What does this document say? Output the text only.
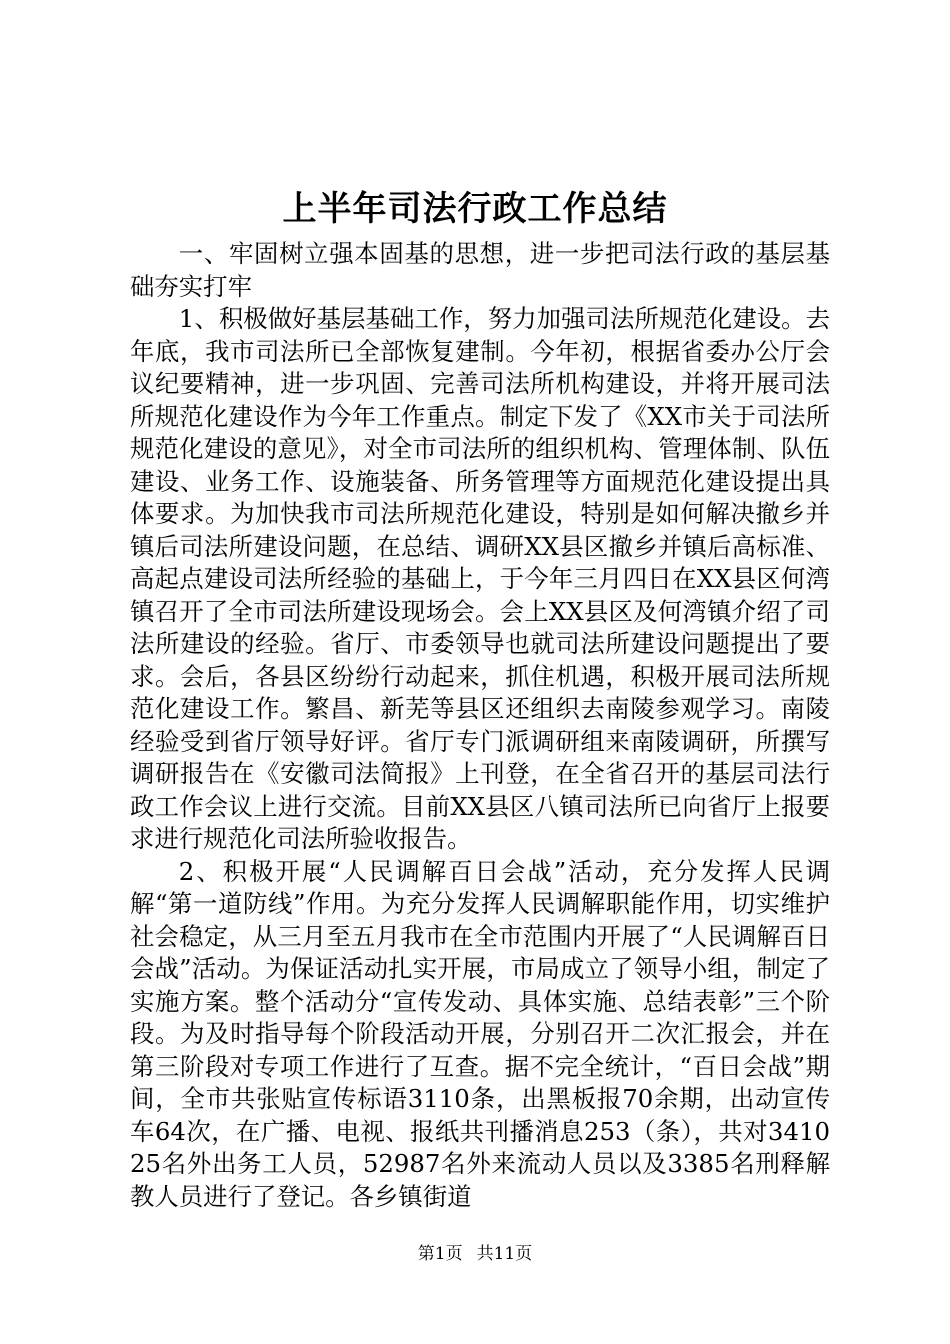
上半年司法行政工作总结

一、牢固树立强本固基的思想，进一步把司法行政的基层基础夯实打牢

1、积极做好基层基础工作，努力加强司法所规范化建设。去年底，我市司法所已全部恢复建制。今年初，根据省委办公厅会议纪要精神，进一步巩固、完善司法所机构建设，并将开展司法所规范化建设作为今年工作重点。制定下发了《XX市关于司法所规范化建设的意见》，对全市司法所的组织机构、管理体制、队伍建设、业务工作、设施装备、所务管理等方面规范化建设提出具体要求。为加快我市司法所规范化建设，特别是如何解决撤乡并镇后司法所建设问题，在总结、调研XX县区撤乡并镇后高标准、高起点建设司法所经验的基础上，于今年三月四日在XX县区何湾镇召开了全市司法所建设现场会。会上XX县区及何湾镇介绍了司法所建设的经验。省厅、市委领导也就司法所建设问题提出了要求。会后，各县区纷纷行动起来，抓住机遇，积极开展司法所规范化建设工作。繁昌、新芜等县区还组织去南陵参观学习。南陵经验受到省厅领导好评。省厅专门派调研组来南陵调研，所撰写调研报告在《安徽司法简报》上刊登，在全省召开的基层司法行政工作会议上进行交流。目前XX县区八镇司法所已向省厅上报要求进行规范化司法所验收报告。

2、积极开展“人民调解百日会战”活动，充分发挥人民调解“第一道防线”作用。为充分发挥人民调解职能作用，切实维护社会稳定，从三月至五月我市在全市范围内开展了“人民调解百日会战”活动。为保证活动扎实开展，市局成立了领导小组，制定了实施方案。整个活动分“宣传发动、具体实施、总结表彰”三个阶段。为及时指导每个阶段活动开展，分别召开二次汇报会，并在第三阶段对专项工作进行了互查。据不完全统计，“百日会战”期间，全市共张贴宣传标语3110条，出黑板报70余期，出动宣传车64次，在广播、电视、报纸共刊播消息253（条），共对341025名外出务工人员，52987名外来流动人员以及3385名刑释解教人员进行了登记。各乡镇街道

第1页 共11页
